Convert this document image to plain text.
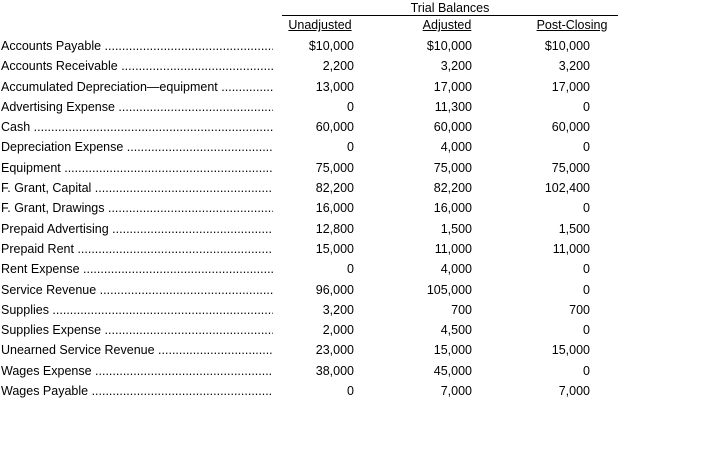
Trial Balances
Unadjusted	Adjusted	Post-Closing
Accounts Payable .....	$10,000	$10,000	$10,000
Accounts Receivable .....	2,200	3,200	3,200
Accumulated Depreciation—equipment .....	13,000	17,000	17,000
Advertising Expense .....	0	11,300	0
Cash .....	60,000	60,000	60,000
Depreciation Expense .....	0	4,000	0
Equipment .....	75,000	75,000	75,000
F. Grant, Capital .....	82,200	82,200	102,400
F. Grant, Drawings .....	16,000	16,000	0
Prepaid Advertising .....	12,800	1,500	1,500
Prepaid Rent .....	15,000	11,000	11,000
Rent Expense .....	0	4,000	0
Service Revenue .....	96,000	105,000	0
Supplies .....	3,200	700	700
Supplies Expense .....	2,000	4,500	0
Unearned Service Revenue .....	23,000	15,000	15,000
Wages Expense .....	38,000	45,000	0
Wages Payable .....	0	7,000	7,000
